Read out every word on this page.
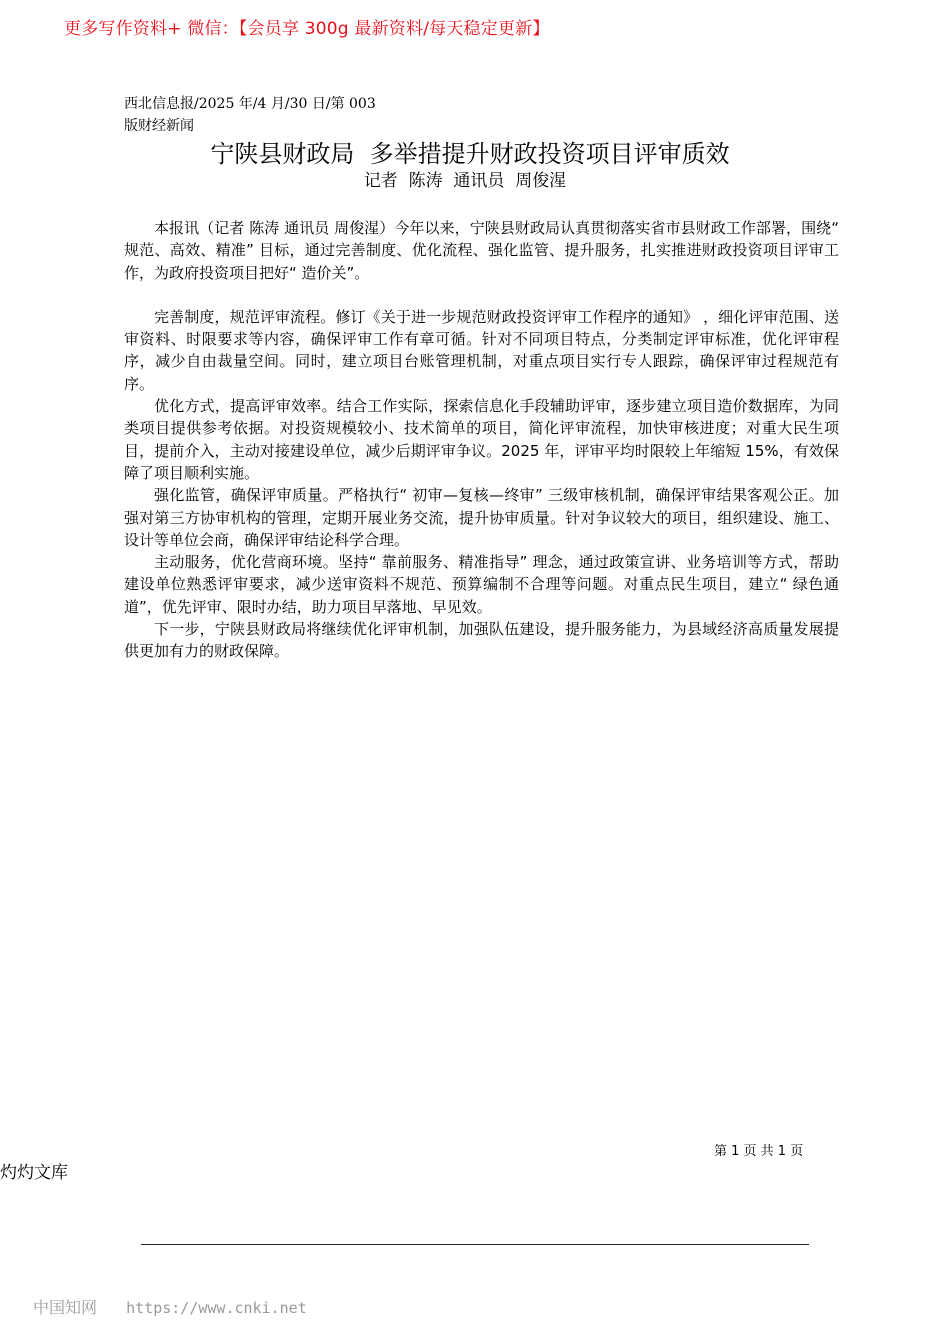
更多写作资料+ 微信：【会员享 300g 最新资料/每天稳定更新】
西北信息报/2025 年/4 月/30 日/第 003
版财经新闻
宁陕县财政局  多举措提升财政投资项目评审质效
记者  陈涛  通讯员  周俊湦

本报讯（记者 陈涛 通讯员 周俊湦）今年以来，宁陕县财政局认真贯彻落实省市县财政工作部署，围绕“ 规范、高效、精准” 目标，通过完善制度、优化流程、强化监管、提升服务，扎实推进财政投资项目评审工作，为政府投资项目把好“ 造价关”。

完善制度，规范评审流程。修订《关于进一步规范财政投资评审工作程序的通知》 ，细化评审范围、送审资料、时限要求等内容，确保评审工作有章可循。针对不同项目特点，分类制定评审标准，优化评审程序，减少自由裁量空间。同时，建立项目台账管理机制，对重点项目实行专人跟踪，确保评审过程规范有序。

优化方式，提高评审效率。结合工作实际，探索信息化手段辅助评审，逐步建立项目造价数据库，为同类项目提供参考依据。对投资规模较小、技术简单的项目，简化评审流程，加快审核进度；对重大民生项目，提前介入，主动对接建设单位，减少后期评审争议。2025 年，评审平均时限较上年缩短 15%，有效保障了项目顺利实施。

强化监管，确保评审质量。严格执行“ 初审—复核—终审” 三级审核机制，确保评审结果客观公正。加强对第三方协审机构的管理，定期开展业务交流，提升协审质量。针对争议较大的项目，组织建设、施工、设计等单位会商，确保评审结论科学合理。

主动服务，优化营商环境。坚持“ 靠前服务、精准指导” 理念，通过政策宣讲、业务培训等方式，帮助建设单位熟悉评审要求，减少送审资料不规范、预算编制不合理等问题。对重点民生项目，建立“ 绿色通道”，优先评审、限时办结，助力项目早落地、早见效。

下一步，宁陕县财政局将继续优化评审机制，加强队伍建设，提升服务能力，为县域经济高质量发展提供更加有力的财政保障。

第 1 页 共 1 页
灼灼文库
中国知网 https://www.cnki.net
